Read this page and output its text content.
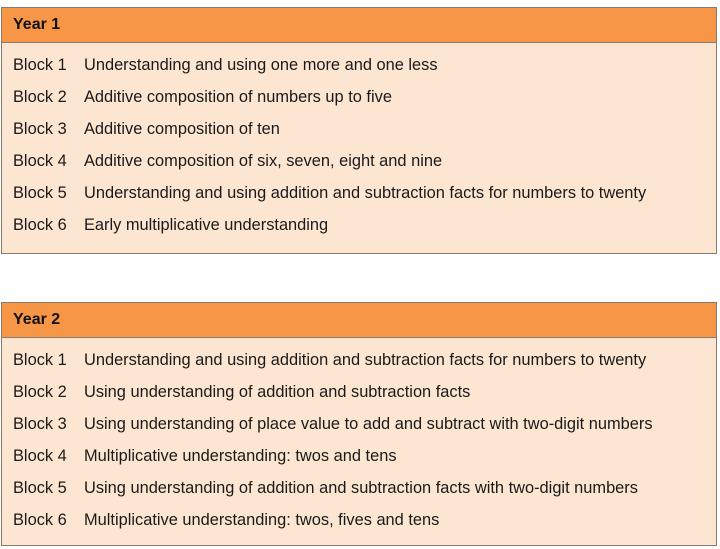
Year 1
Block 1	Understanding and using one more and one less
Block 2	Additive composition of numbers up to five
Block 3	Additive composition of ten
Block 4	Additive composition of six, seven, eight and nine
Block 5	Understanding and using addition and subtraction facts for numbers to twenty
Block 6	Early multiplicative understanding
Year 2
Block 1	Understanding and using addition and subtraction facts for numbers to twenty
Block 2	Using understanding of addition and subtraction facts
Block 3	Using understanding of place value to add and subtract with two-digit numbers
Block 4	Multiplicative understanding: twos and tens
Block 5	Using understanding of addition and subtraction facts with two-digit numbers
Block 6	Multiplicative understanding: twos, fives and tens
